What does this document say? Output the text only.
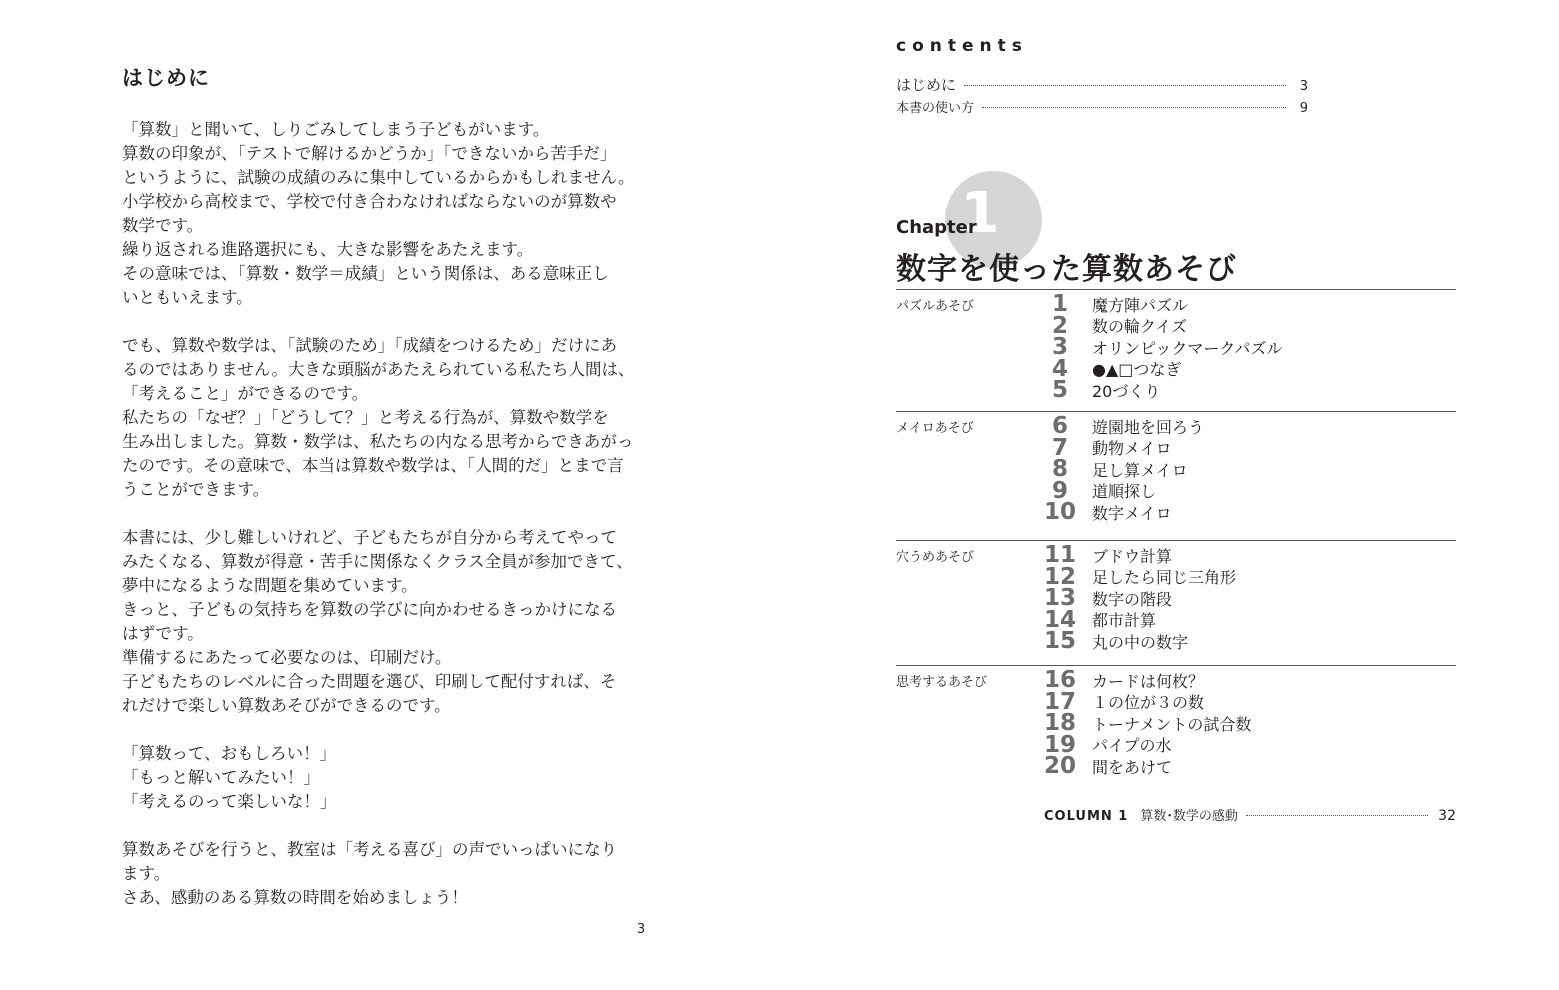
はじめに

「算数」と聞いて、しりごみしてしまう子どもがいます。
算数の印象が、「テストで解けるかどうか」「できないから苦手だ」
というように、試験の成績のみに集中しているからかもしれません。
小学校から高校まで、学校で付き合わなければならないのが算数や
数学です。
繰り返される進路選択にも、大きな影響をあたえます。
その意味では、「算数・数学＝成績」という関係は、ある意味正し
いともいえます。

でも、算数や数学は、「試験のため」「成績をつけるため」だけにあ
るのではありません。大きな頭脳があたえられている私たち人間は、
「考えること」ができるのです。
私たちの「なぜ？」「どうして？」と考える行為が、算数や数学を
生み出しました。算数・数学は、私たちの内なる思考からできあがっ
たのです。その意味で、本当は算数や数学は、「人間的だ」とまで言
うことができます。

本書には、少し難しいけれど、子どもたちが自分から考えてやって
みたくなる、算数が得意・苦手に関係なくクラス全員が参加できて、
夢中になるような問題を集めています。
きっと、子どもの気持ちを算数の学びに向かわせるきっかけになる
はずです。
準備するにあたって必要なのは、印刷だけ。
子どもたちのレベルに合った問題を選び、印刷して配付すれば、そ
れだけで楽しい算数あそびができるのです。

「算数って、おもしろい！」
「もっと解いてみたい！」
「考えるのって楽しいな！」

算数あそびを行うと、教室は「考える喜び」の声でいっぱいになり
ます。
さあ、感動のある算数の時間を始めましょう！

3
contents
はじめに	3
本書の使い方	9
1
Chapter
数字を使った算数あそび
パズルあそび	1	魔方陣パズル
2	数の輪クイズ
3	オリンピックマークパズル
4	●▲□つなぎ
5	20づくり
メイロあそび	6	遊園地を回ろう
7	動物メイロ
8	足し算メイロ
9	道順探し
10 数字メイロ
穴うめあそび	11 ブドウ計算
12 足したら同じ三角形
13 数字の階段
14 都市計算
15 丸の中の数字
思考するあそび 16 カードは何枚？
17 １の位が３の数
18 トーナメントの試合数
19 パイプの水
20 間をあけて
COLUMN 1 算数･数学の感動	32
